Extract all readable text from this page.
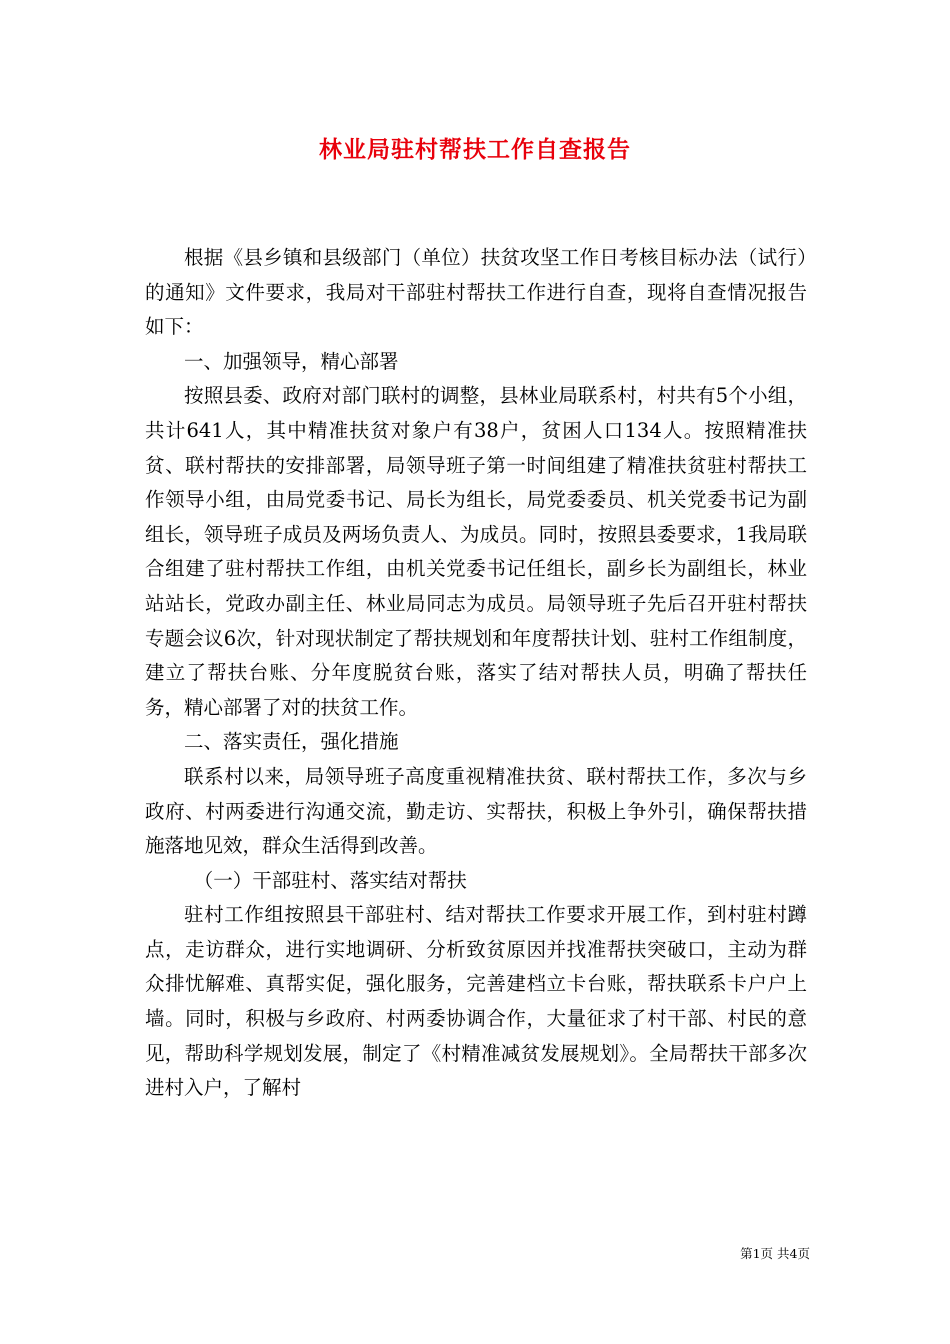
林业局驻村帮扶工作自查报告

根据《县乡镇和县级部门（单位）扶贫攻坚工作日考核目标办法（试行）的通知》文件要求，我局对干部驻村帮扶工作进行自查，现将自查情况报告如下：

一、加强领导，精心部署

按照县委、政府对部门联村的调整，县林业局联系村，村共有5个小组，共计641人，其中精准扶贫对象户有38户，贫困人口134人。按照精准扶贫、联村帮扶的安排部署，局领导班子第一时间组建了精准扶贫驻村帮扶工作领导小组，由局党委书记、局长为组长，局党委委员、机关党委书记为副组长，领导班子成员及两场负责人、为成员。同时，按照县委要求，1我局联合组建了驻村帮扶工作组，由机关党委书记任组长，副乡长为副组长，林业站站长，党政办副主任、林业局同志为成员。局领导班子先后召开驻村帮扶专题会议6次，针对现状制定了帮扶规划和年度帮扶计划、驻村工作组制度，建立了帮扶台账、分年度脱贫台账，落实了结对帮扶人员，明确了帮扶任务，精心部署了对的扶贫工作。

二、落实责任，强化措施

联系村以来，局领导班子高度重视精准扶贫、联村帮扶工作，多次与乡政府、村两委进行沟通交流，勤走访、实帮扶，积极上争外引，确保帮扶措施落地见效，群众生活得到改善。

（一）干部驻村、落实结对帮扶

驻村工作组按照县干部驻村、结对帮扶工作要求开展工作，到村驻村蹲点，走访群众，进行实地调研、分析致贫原因并找准帮扶突破口，主动为群众排忧解难、真帮实促，强化服务，完善建档立卡台账，帮扶联系卡户户上墙。同时，积极与乡政府、村两委协调合作，大量征求了村干部、村民的意见，帮助科学规划发展，制定了《村精准减贫发展规划》。全局帮扶干部多次进村入户，了解村

第1页 共4页
